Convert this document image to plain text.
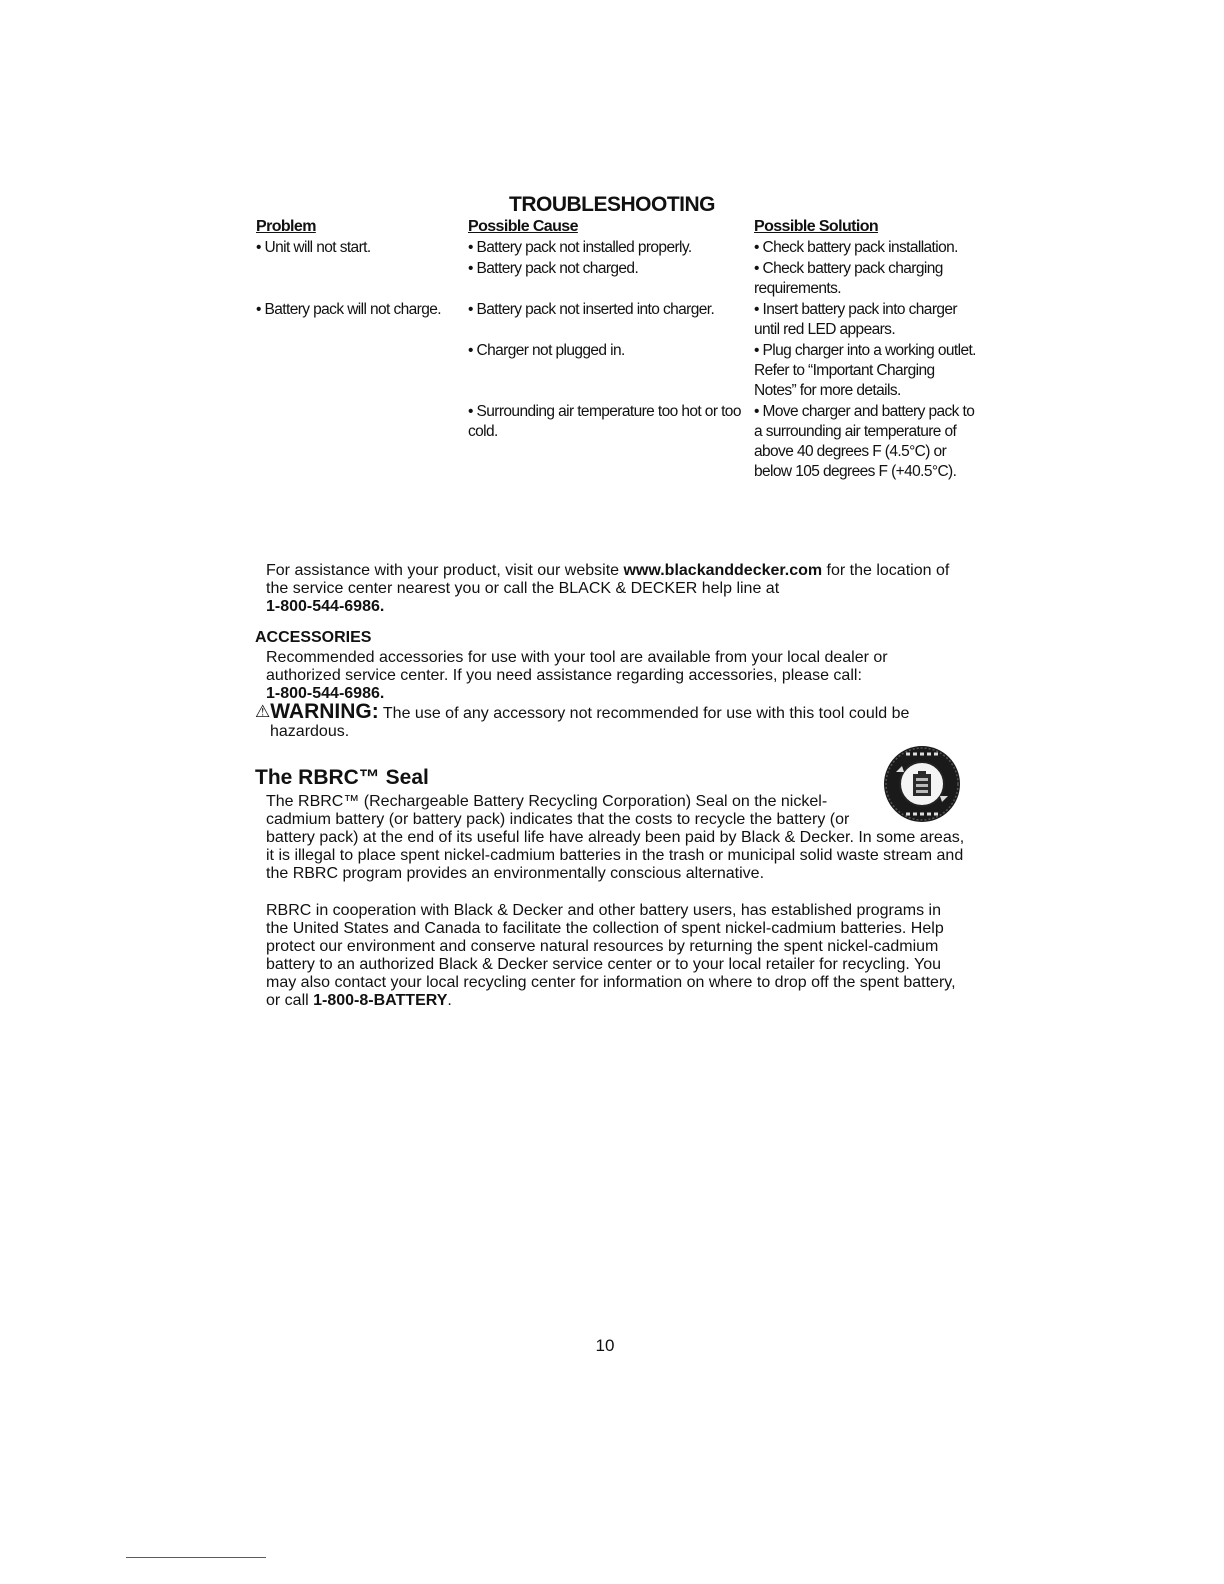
TROUBLESHOOTING
Problem	Possible Cause	Possible Solution
• Unit will not start.	• Battery pack not installed properly.	• Check battery pack installation.
	• Battery pack not charged.	• Check battery pack charging requirements.
• Battery pack will not charge.	• Battery pack not inserted into charger.	• Insert battery pack into charger until red LED appears.
	• Charger not plugged in.	• Plug charger into a working outlet. Refer to “Important Charging Notes” for more details.
	• Surrounding air temperature too hot or too cold.	• Move charger and battery pack to a surrounding air temperature of above 40 degrees F (4.5°C) or below 105 degrees F (+40.5°C).
For assistance with your product, visit our website www.blackanddecker.com for the location of the service center nearest you or call the BLACK & DECKER help line at
1-800-544-6986.
ACCESSORIES
Recommended accessories for use with your tool are available from your local dealer or authorized service center. If you need assistance regarding accessories, please call:
1-800-544-6986.
⚠WARNING: The use of any accessory not recommended for use with this tool could be
hazardous.
The RBRC™ Seal
The RBRC™ (Rechargeable Battery Recycling Corporation) Seal on the nickel-cadmium battery (or battery pack) indicates that the costs to recycle the battery (or battery pack) at the end of its useful life have already been paid by Black & Decker. In some areas, it is illegal to place spent nickel-cadmium batteries in the trash or municipal solid waste stream and the RBRC program provides an environmentally conscious alternative.
RBRC in cooperation with Black & Decker and other battery users, has established programs in the United States and Canada to facilitate the collection of spent nickel-cadmium batteries. Help protect our environment and conserve natural resources by returning the spent nickel-cadmium battery to an authorized Black & Decker service center or to your local retailer for recycling. You may also contact your local recycling center for information on where to drop off the spent battery, or call 1-800-8-BATTERY.
10
